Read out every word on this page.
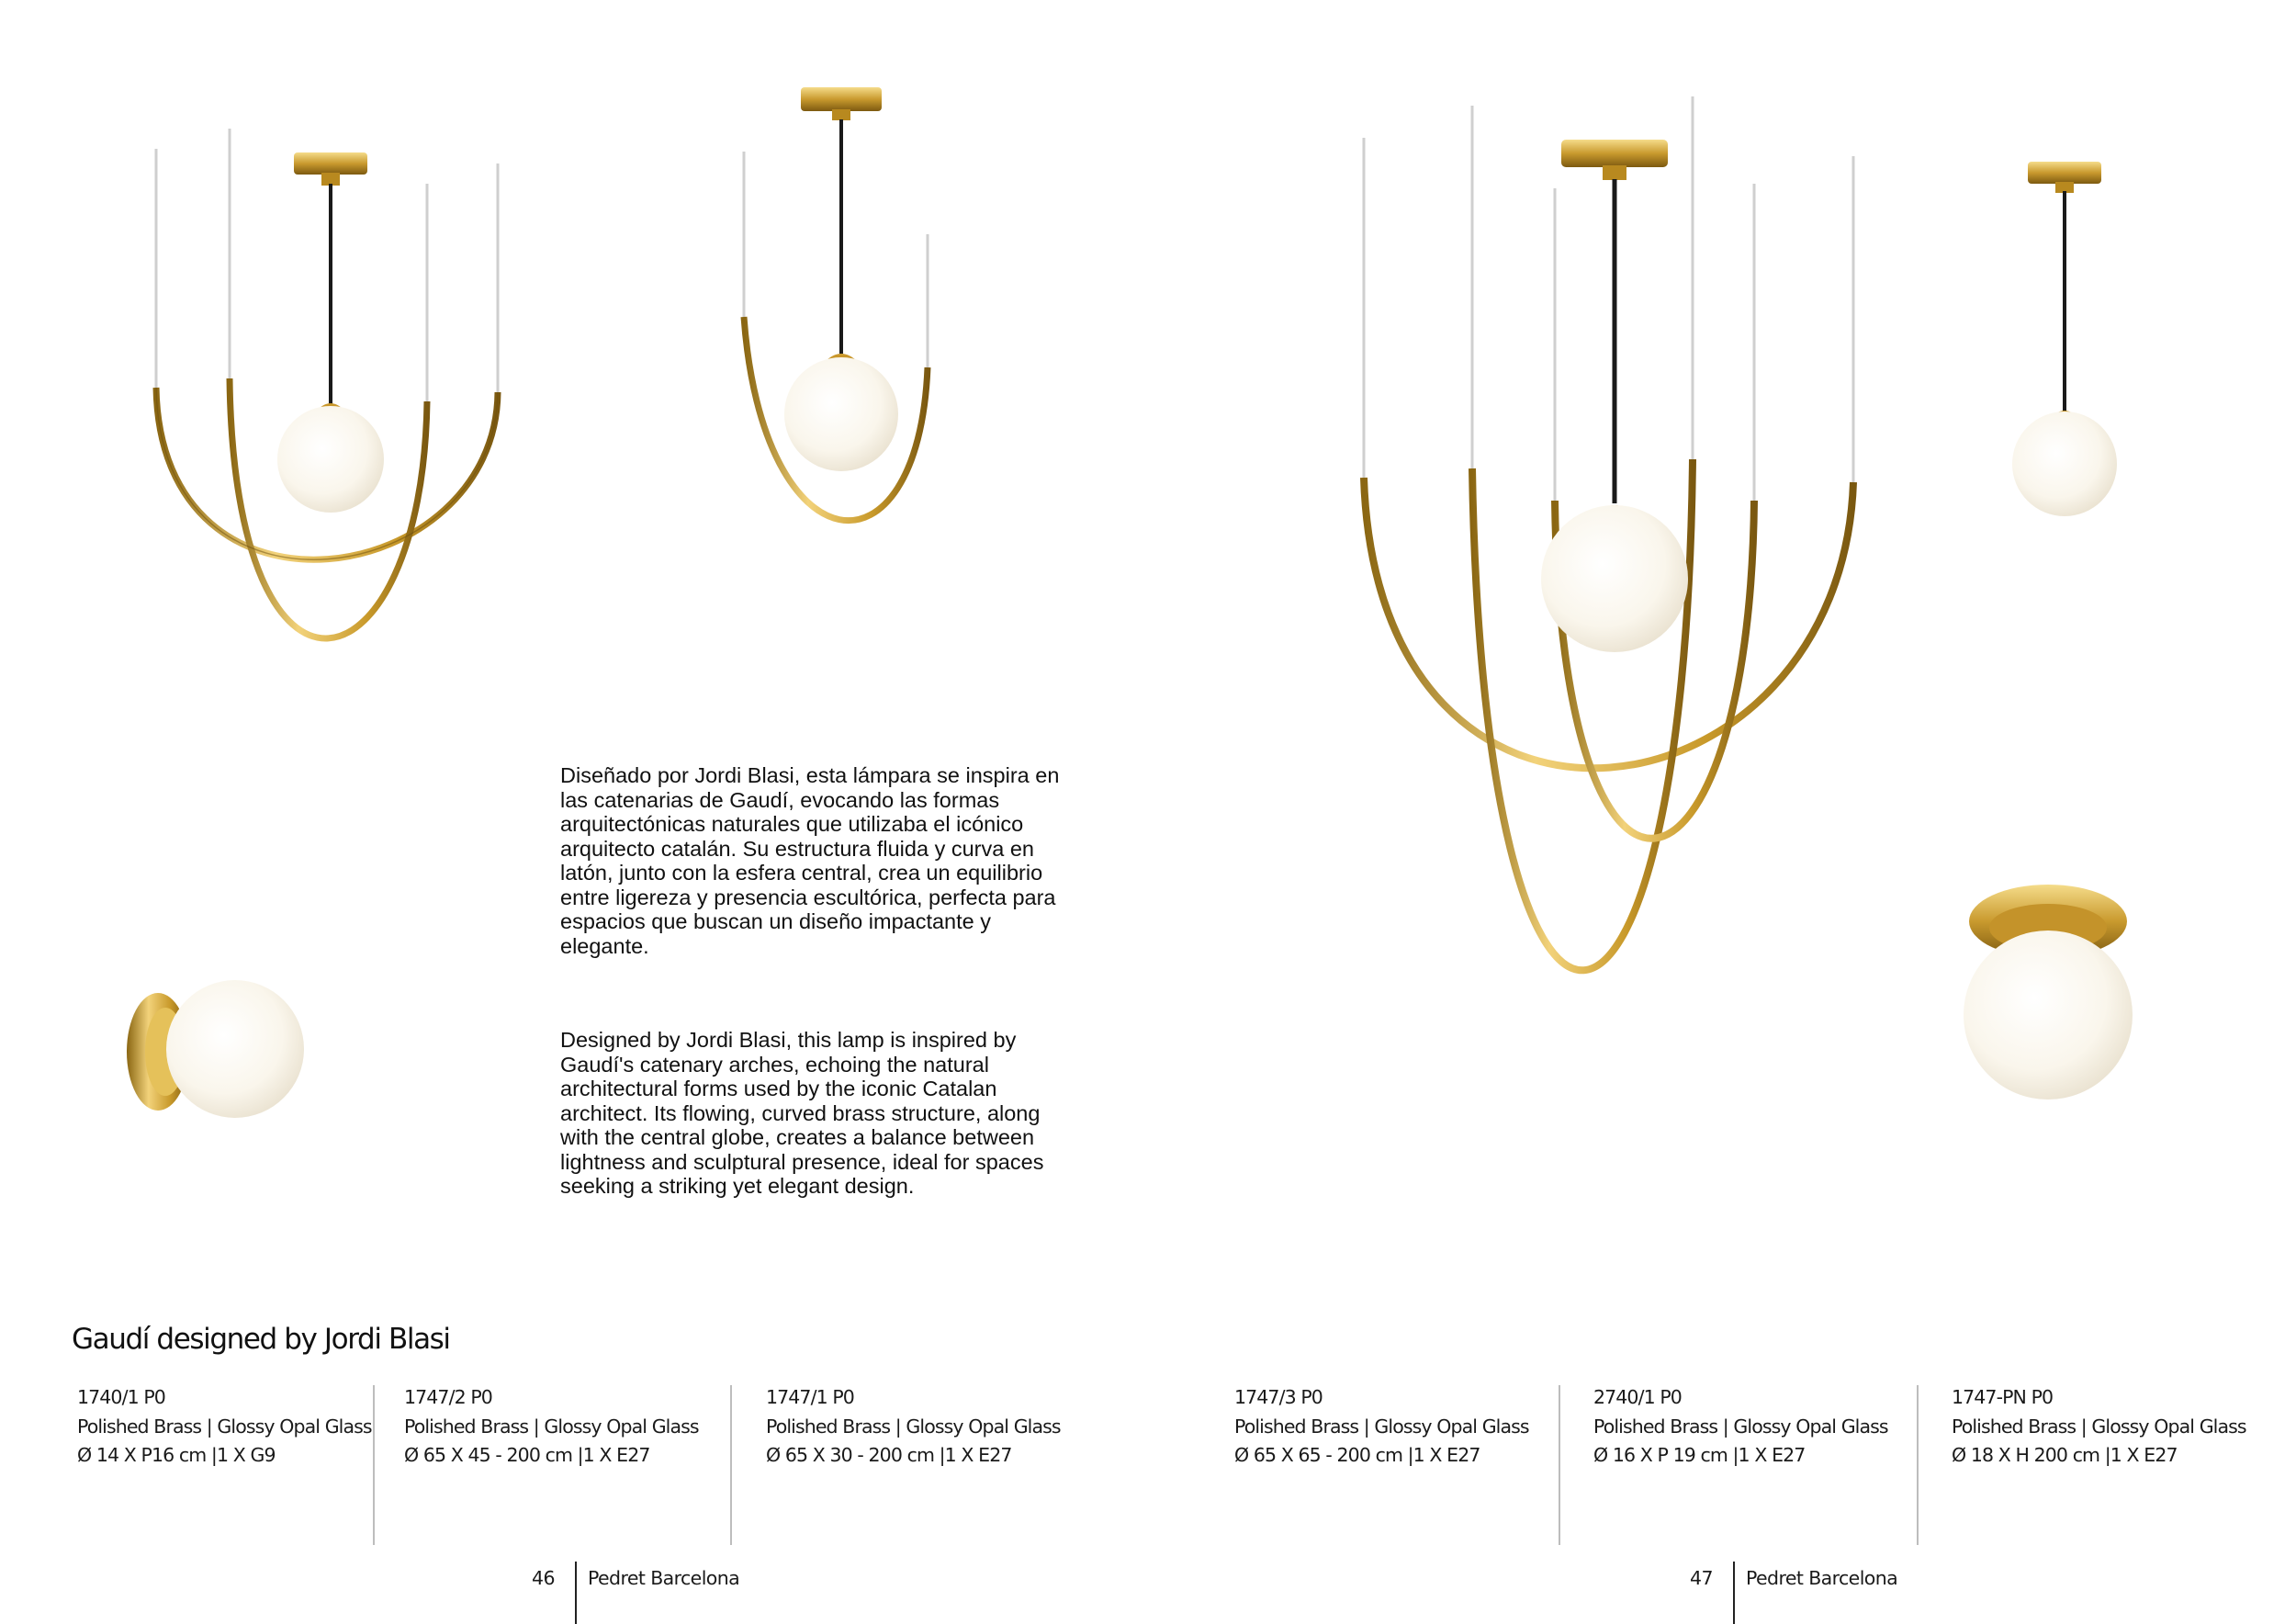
Diseñado por Jordi Blasi, esta lámpara se inspira en las catenarias de Gaudí, evocando las formas arquitectónicas naturales que utilizaba el icónico arquitecto catalán. Su estructura fluida y curva en latón, junto con la esfera central, crea un equilibrio entre ligereza y presencia escultórica, perfecta para espacios que buscan un diseño impactante y elegante.

Designed by Jordi Blasi, this lamp is inspired by Gaudí's catenary arches, echoing the natural architectural forms used by the iconic Catalan architect. Its flowing, curved brass structure, along with the central globe, creates a balance between lightness and sculptural presence, ideal for spaces seeking a striking yet elegant design.

Gaudí designed by Jordi Blasi
1740/1 P0
Polished Brass | Glossy Opal Glass
Ø 14 X P16 cm |1 X G9
1747/2 P0
Polished Brass | Glossy Opal Glass
Ø 65 X 45 - 200 cm |1 X E27
1747/1 P0
Polished Brass | Glossy Opal Glass
Ø 65 X 30 - 200 cm |1 X E27
1747/3 P0
Polished Brass | Glossy Opal Glass
Ø 65 X 65 - 200 cm |1 X E27
2740/1 P0
Polished Brass | Glossy Opal Glass
Ø 16 X P 19 cm |1 X E27
1747-PN P0
Polished Brass | Glossy Opal Glass
Ø 18 X H 200 cm |1 X E27
46 Pedret Barcelona	47 Pedret Barcelona
